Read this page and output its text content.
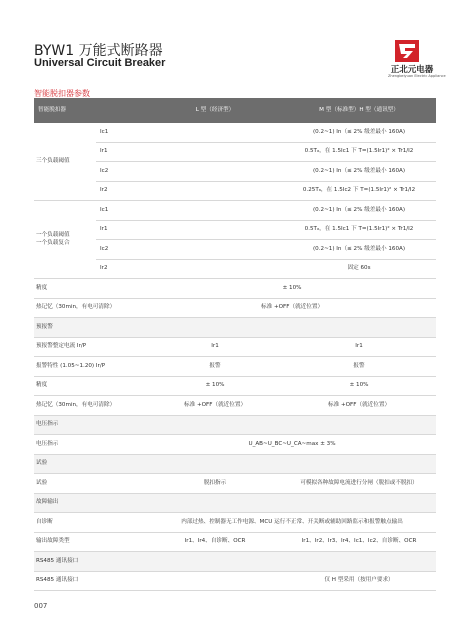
BYW1 万能式断路器
Universal Circuit Breaker
正北元电器
Zhengbeiyuan Electric Appliance
智能脱扣器参数
智能脱扣器		L 型（经济型）	M 型（标准型）H 型（通讯型）
三个负载阈值	Ic1		(0.2~1) In（≤ 2% 级差最小 160A)
	Ir1		0.5Tₐ，在 1.5Ic1 下 T=(1.5Ir1)² × Tr1/I2
	Ic2		(0.2~1) In（≤ 2% 级差最小 160A)
	Ir2		0.25Tₐ，在 1.5Ic2 下 T=(1.5Ir1)² × Tr1/I2
一个负载阈值
一个负载复合	Ic1		(0.2~1) In（≤ 2% 级差最小 160A)
	Ir1		0.5Tₐ，在 1.5Ic1 下 T=(1.5Ir1)² × Tr1/I2
	Ic2		(0.2~1) In（≤ 2% 级差最小 160A)
	Ir2		固定 60s
精度		± 10%	
热记忆（30min，有电可清除）		标准 +OFF（就近位置）	
预报警			
预报警整定电流 Ir/P		Ir1	Ir1
报警特性 (1.05~1.20) Ir/P		报警	报警
精度		± 10%	± 10%
热记忆（30min，有电可清除）		标准 +OFF（就近位置）	标准 +OFF（就近位置）
电压指示			
电压指示		U_AB~U_BC~U_CA~max ± 3%	
试验			
试验		脱扣指示	可模拟各种故障电流进行分闸（脱扣或不脱扣）
故障输出			
自诊断		内部过热、控制器无工作电源、MCU 运行不正常、开关断或辅助回路监示和报警触点输出	
输出故障类型		Ir1、Ir4、自诊断、OCR	Ir1、Ir2、Ir3、Ir4、Ic1、Ic2、自诊断、OCR
RS485 通讯接口			
RS485 通讯接口			仅 H 型采用（按用户要求）
007
